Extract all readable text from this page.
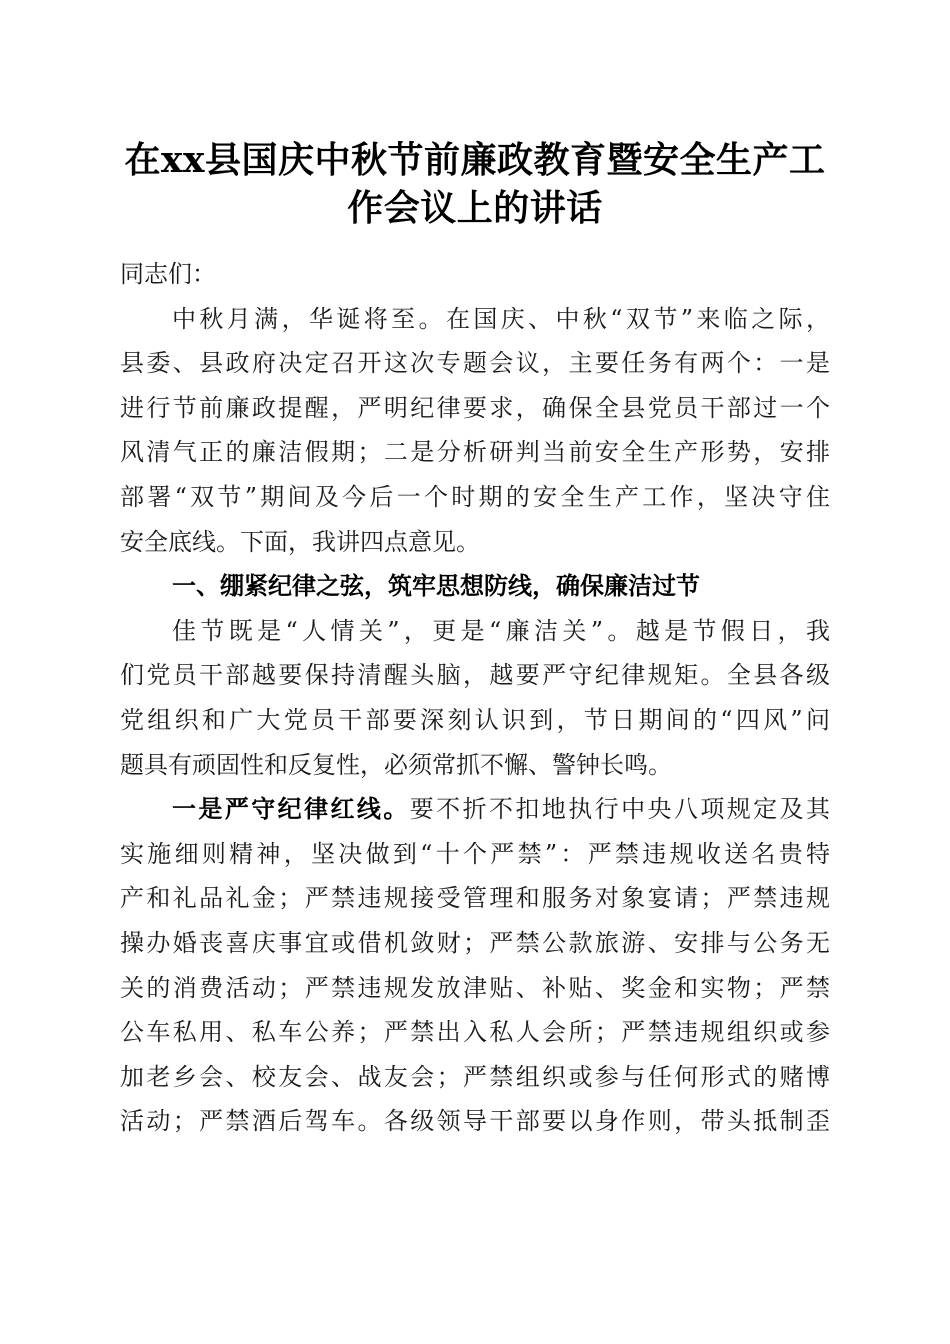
在xx县国庆中秋节前廉政教育暨安全生产工
作会议上的讲话

同志们：

中秋月满，华诞将至。在国庆、中秋“双节”来临之际，
县委、县政府决定召开这次专题会议，主要任务有两个：一是
进行节前廉政提醒，严明纪律要求，确保全县党员干部过一个
风清气正的廉洁假期；二是分析研判当前安全生产形势，安排
部署“双节”期间及今后一个时期的安全生产工作，坚决守住
安全底线。下面，我讲四点意见。

一、绷紧纪律之弦，筑牢思想防线，确保廉洁过节

佳节既是“人情关”，更是“廉洁关”。越是节假日，我
们党员干部越要保持清醒头脑，越要严守纪律规矩。全县各级
党组织和广大党员干部要深刻认识到，节日期间的“四风”问
题具有顽固性和反复性，必须常抓不懈、警钟长鸣。

一是严守纪律红线。要不折不扣地执行中央八项规定及其
实施细则精神，坚决做到“十个严禁”：严禁违规收送名贵特
产和礼品礼金；严禁违规接受管理和服务对象宴请；严禁违规
操办婚丧喜庆事宜或借机敛财；严禁公款旅游、安排与公务无
关的消费活动；严禁违规发放津贴、补贴、奖金和实物；严禁
公车私用、私车公养；严禁出入私人会所；严禁违规组织或参
加老乡会、校友会、战友会；严禁组织或参与任何形式的赌博
活动；严禁酒后驾车。各级领导干部要以身作则，带头抵制歪
